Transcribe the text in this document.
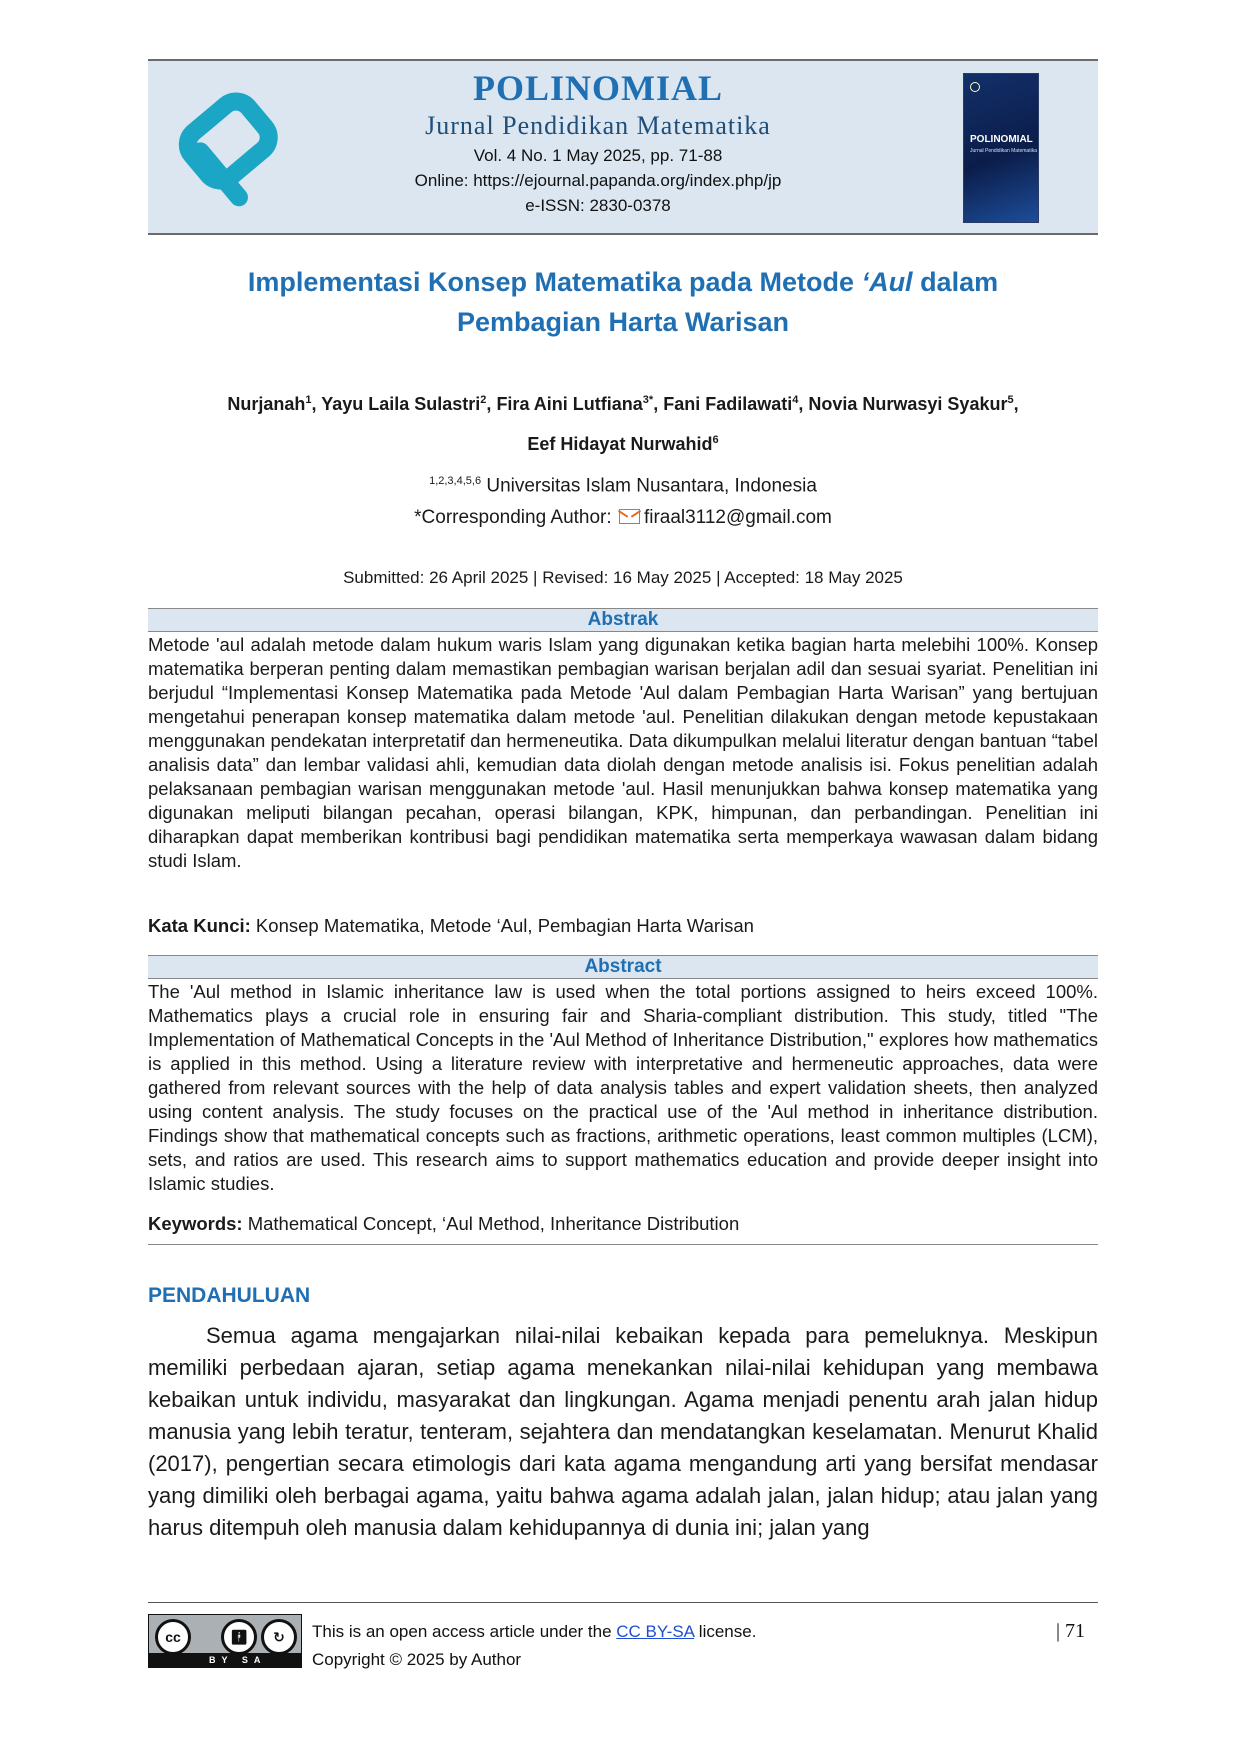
POLINOMIAL
Jurnal Pendidikan Matematika
Vol. 4 No. 1 May 2025, pp. 71-88
Online: https://ejournal.papanda.org/index.php/jp
e-ISSN: 2830-0378
POLINOMIAL
Jurnal Pendidikan Matematika
Implementasi Konsep Matematika pada Metode ‘Aul dalam
Pembagian Harta Warisan
Nurjanah$^1$, Yayu Laila Sulastri$^2$, Fira Aini Lutfiana$^{3*}$, Fani Fadilawati$^4$, Novia Nurwasyi Syakur$^5$,
Eef Hidayat Nurwahid$^6$
$^{1,2,3,4,5,6}$ Universitas Islam Nusantara, Indonesia
*Corresponding Author: firaal3112@gmail.com
Submitted: 26 April 2025 | Revised: 16 May 2025 | Accepted: 18 May 2025
Abstrak
Metode 'aul adalah metode dalam hukum waris Islam yang digunakan ketika bagian harta melebihi 100%. Konsep matematika berperan penting dalam memastikan pembagian warisan berjalan adil dan sesuai syariat. Penelitian ini berjudul “Implementasi Konsep Matematika pada Metode 'Aul dalam Pembagian Harta Warisan” yang bertujuan mengetahui penerapan konsep matematika dalam metode 'aul. Penelitian dilakukan dengan metode kepustakaan menggunakan pendekatan interpretatif dan hermeneutika. Data dikumpulkan melalui literatur dengan bantuan “tabel analisis data” dan lembar validasi ahli, kemudian data diolah dengan metode analisis isi. Fokus penelitian adalah pelaksanaan pembagian warisan menggunakan metode 'aul. Hasil menunjukkan bahwa konsep matematika yang digunakan meliputi bilangan pecahan, operasi bilangan, KPK, himpunan, dan perbandingan. Penelitian ini diharapkan dapat memberikan kontribusi bagi pendidikan matematika serta memperkaya wawasan dalam bidang studi Islam.
Kata Kunci: Konsep Matematika, Metode ‘Aul, Pembagian Harta Warisan
Abstract
The 'Aul method in Islamic inheritance law is used when the total portions assigned to heirs exceed 100%. Mathematics plays a crucial role in ensuring fair and Sharia-compliant distribution. This study, titled "The Implementation of Mathematical Concepts in the 'Aul Method of Inheritance Distribution," explores how mathematics is applied in this method. Using a literature review with interpretative and hermeneutic approaches, data were gathered from relevant sources with the help of data analysis tables and expert validation sheets, then analyzed using content analysis. The study focuses on the practical use of the 'Aul method in inheritance distribution. Findings show that mathematical concepts such as fractions, arithmetic operations, least common multiples (LCM), sets, and ratios are used. This research aims to support mathematics education and provide deeper insight into Islamic studies.
Keywords: Mathematical Concept, ‘Aul Method, Inheritance Distribution
PENDAHULUAN
Semua agama mengajarkan nilai-nilai kebaikan kepada para pemeluknya. Meskipun memiliki perbedaan ajaran, setiap agama menekankan nilai-nilai kehidupan yang membawa kebaikan untuk individu, masyarakat dan lingkungan. Agama menjadi penentu arah jalan hidup manusia yang lebih teratur, tenteram, sejahtera dan mendatangkan keselamatan. Menurut Khalid (2017), pengertian secara etimologis dari kata agama mengandung arti yang bersifat mendasar yang dimiliki oleh berbagai agama, yaitu bahwa agama adalah jalan, jalan hidup; atau jalan yang harus ditempuh oleh manusia dalam kehidupannya di dunia ini; jalan yang
cc	🚹︎	↻
BY SA
This is an open access article under the CC BY-SA license.
Copyright © 2025 by Author
| 71
